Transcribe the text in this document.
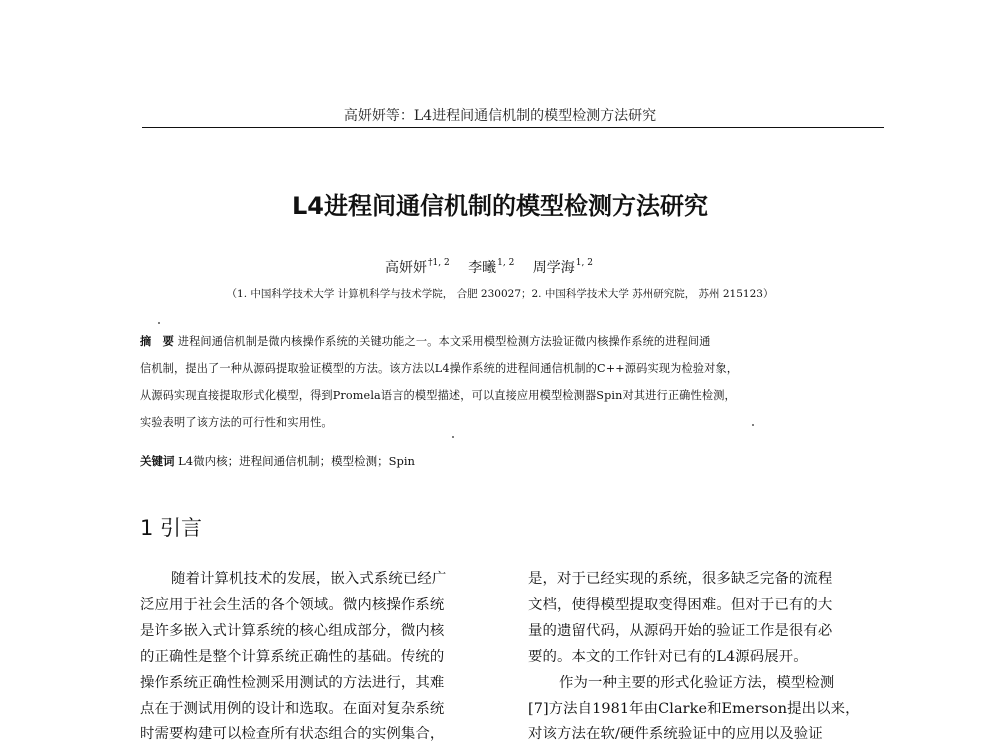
高妍妍等：L4进程间通信机制的模型检测方法研究
L4进程间通信机制的模型检测方法研究
高妍妍$^{\dagger 1, 2}$ 李曦$^{1, 2}$ 周学海$^{1, 2}$
（1. 中国科学技术大学 计算机科学与技术学院， 合肥 230027；2. 中国科学技术大学 苏州研究院， 苏州 215123）
摘　要 进程间通信机制是微内核操作系统的关键功能之一。本文采用模型检测方法验证微内核操作系统的进程间通
信机制，提出了一种从源码提取验证模型的方法。该方法以L4操作系统的进程间通信机制的C++源码实现为检验对象，
从源码实现直接提取形式化模型，得到Promela语言的模型描述，可以直接应用模型检测器Spin对其进行正确性检测，
实验表明了该方法的可行性和实用性。
关键词 L4微内核；进程间通信机制；模型检测；Spin
1 引言
随着计算机技术的发展，嵌入式系统已经广
泛应用于社会生活的各个领域。微内核操作系统
是许多嵌入式计算系统的核心组成部分，微内核
的正确性是整个计算系统正确性的基础。传统的
操作系统正确性检测采用测试的方法进行，其难
点在于测试用例的设计和选取。在面对复杂系统
时需要构建可以检查所有状态组合的实例集合，
是，对于已经实现的系统，很多缺乏完备的流程
文档，使得模型提取变得困难。但对于已有的大
量的遗留代码，从源码开始的验证工作是很有必
要的。本文的工作针对已有的L4源码展开。
作为一种主要的形式化验证方法，模型检测
[7]方法自1981年由Clarke和Emerson提出以来，
对该方法在软/硬件系统验证中的应用以及验证
